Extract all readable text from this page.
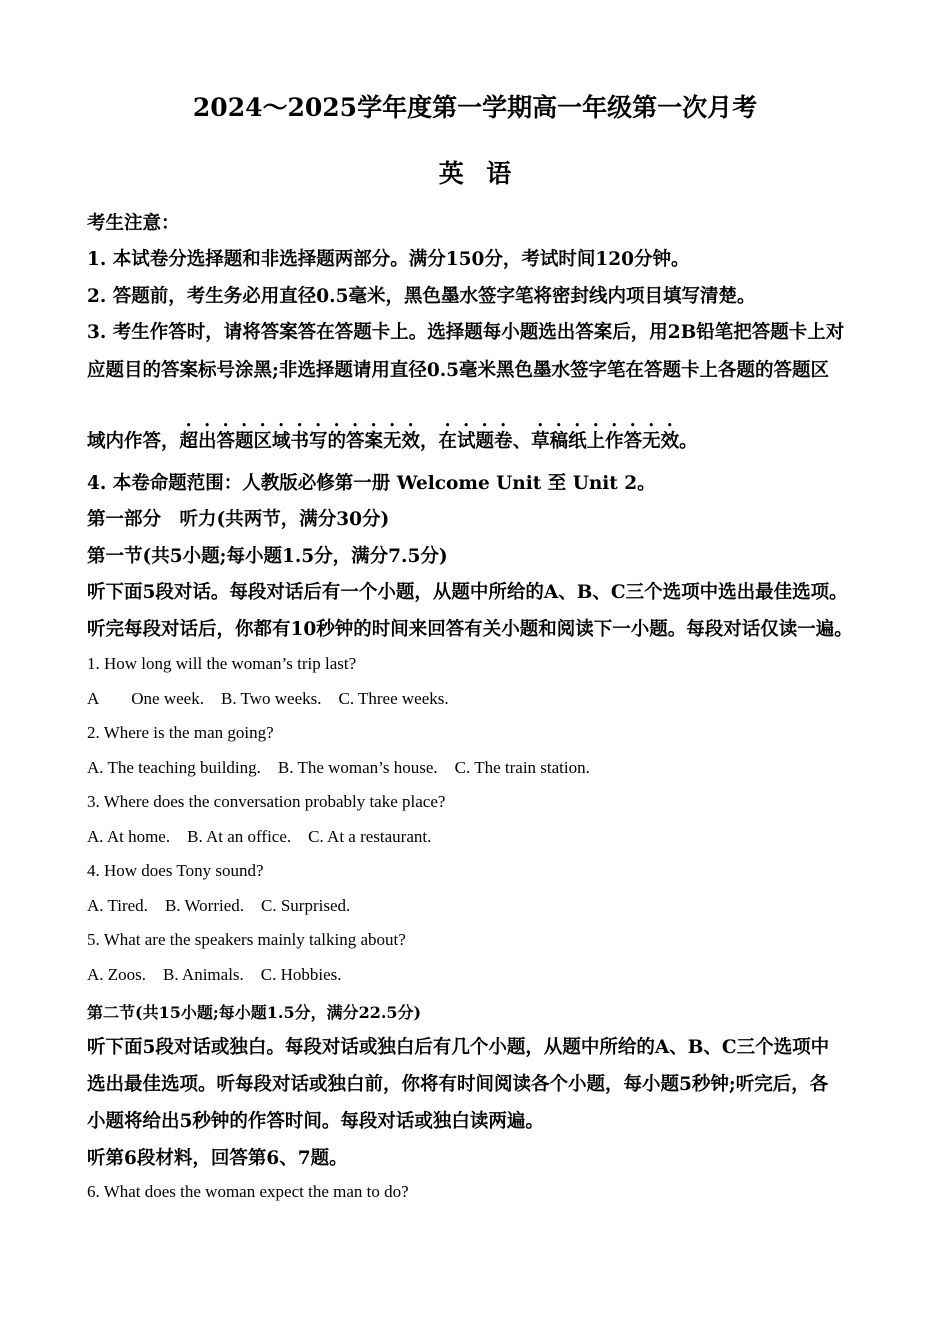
2024～2025学年度第一学期高一年级第一次月考
英语
考生注意：
1. 本试卷分选择题和非选择题两部分。满分150分，考试时间120分钟。
2. 答题前，考生务必用直径0.5毫米，黑色墨水签字笔将密封线内项目填写清楚。
3. 考生作答时，请将答案答在答题卡上。选择题每小题选出答案后，用2B铅笔把答题卡上对
应题目的答案标号涂黑;非选择题请用直径0.5毫米黑色墨水签字笔在答题卡上各题的答题区
域内作答，超出答题区域书写的答案无效，在试题卷、草稿纸上作答无效。
4. 本卷命题范围：人教版必修第一册 Welcome Unit 至 Unit 2。
第一部分　听力(共两节，满分30分)
第一节(共5小题;每小题1.5分，满分7.5分)
听下面5段对话。每段对话后有一个小题，从题中所给的A、B、C三个选项中选出最佳选项。
听完每段对话后，你都有10秒钟的时间来回答有关小题和阅读下一小题。每段对话仅读一遍。
1. How long will the woman’s trip last?
A One week. B. Two weeks. C. Three weeks.
2. Where is the man going?
A. The teaching building. B. The woman’s house. C. The train station.
3. Where does the conversation probably take place?
A. At home. B. At an office. C. At a restaurant.
4. How does Tony sound?
A. Tired. B. Worried. C. Surprised.
5. What are the speakers mainly talking about?
A. Zoos. B. Animals. C. Hobbies.
第二节(共15小题;每小题1.5分，满分22.5分)
听下面5段对话或独白。每段对话或独白后有几个小题，从题中所给的A、B、C三个选项中
选出最佳选项。听每段对话或独白前，你将有时间阅读各个小题，每小题5秒钟;听完后，各
小题将给出5秒钟的作答时间。每段对话或独白读两遍。
听第6段材料，回答第6、7题。
6. What does the woman expect the man to do?
